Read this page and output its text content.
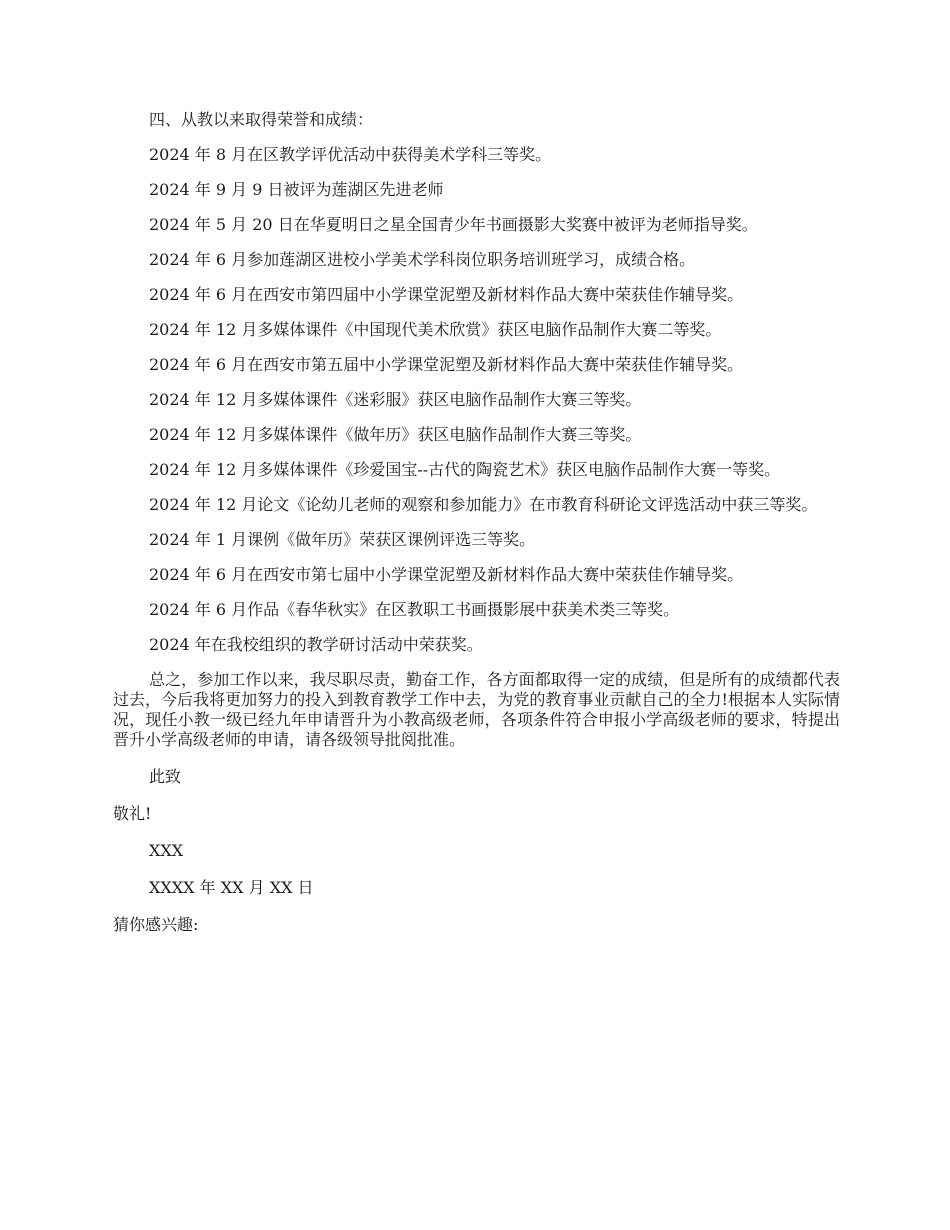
四、从教以来取得荣誉和成绩：

2024 年 8 月在区教学评优活动中获得美术学科三等奖。

2024 年 9 月 9 日被评为莲湖区先进老师

2024 年 5 月 20 日在华夏明日之星全国青少年书画摄影大奖赛中被评为老师指导奖。

2024 年 6 月参加莲湖区进校小学美术学科岗位职务培训班学习，成绩合格。

2024 年 6 月在西安市第四届中小学课堂泥塑及新材料作品大赛中荣获佳作辅导奖。

2024 年 12 月多媒体课件《中国现代美术欣赏》获区电脑作品制作大赛二等奖。

2024 年 6 月在西安市第五届中小学课堂泥塑及新材料作品大赛中荣获佳作辅导奖。

2024 年 12 月多媒体课件《迷彩服》获区电脑作品制作大赛三等奖。

2024 年 12 月多媒体课件《做年历》获区电脑作品制作大赛三等奖。

2024 年 12 月多媒体课件《珍爱国宝--古代的陶瓷艺术》获区电脑作品制作大赛一等奖。

2024 年 12 月论文《论幼儿老师的观察和参加能力》在市教育科研论文评选活动中获三等奖。

2024 年 1 月课例《做年历》荣获区课例评选三等奖。

2024 年 6 月在西安市第七届中小学课堂泥塑及新材料作品大赛中荣获佳作辅导奖。

2024 年 6 月作品《春华秋实》在区教职工书画摄影展中获美术类三等奖。

2024 年在我校组织的教学研讨活动中荣获奖。

总之，参加工作以来，我尽职尽责，勤奋工作，各方面都取得一定的成绩，但是所有的成绩都代表过去，今后我将更加努力的投入到教育教学工作中去，为党的教育事业贡献自己的全力!根据本人实际情况，现任小教一级已经九年申请晋升为小教高级老师，各项条件符合申报小学高级老师的要求，特提出晋升小学高级老师的申请，请各级领导批阅批准。

此致

敬礼!

XXX

XXXX 年 XX 月 XX 日

猜你感兴趣:
